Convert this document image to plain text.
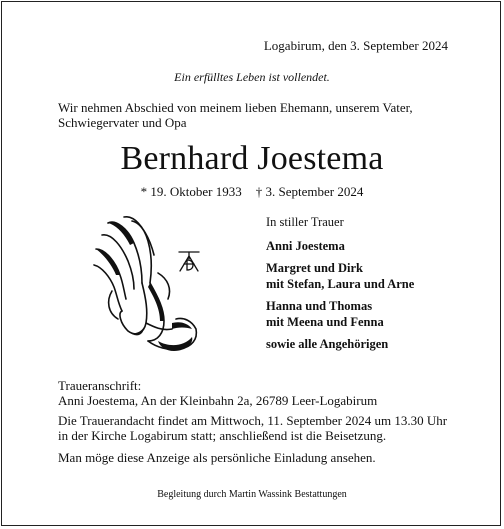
Logabirum, den 3. September 2024
Ein erfülltes Leben ist vollendet.
Wir nehmen Abschied von meinem lieben Ehemann, unserem Vater,
Schwiegervater und Opa
Bernhard Joestema
* 19. Oktober 1933 † 3. September 2024
In stiller Trauer
Anni Joestema
Margret und Dirk
mit Stefan, Laura und Arne
Hanna und Thomas
mit Meena und Fenna
sowie alle Angehörigen
Traueranschrift:
Anni Joestema, An der Kleinbahn 2a, 26789 Leer-Logabirum
Die Trauerandacht findet am Mittwoch, 11. September 2024 um 13.30 Uhr
in der Kirche Logabirum statt; anschließend ist die Beisetzung.
Man möge diese Anzeige als persönliche Einladung ansehen.
Begleitung durch Martin Wassink Bestattungen
